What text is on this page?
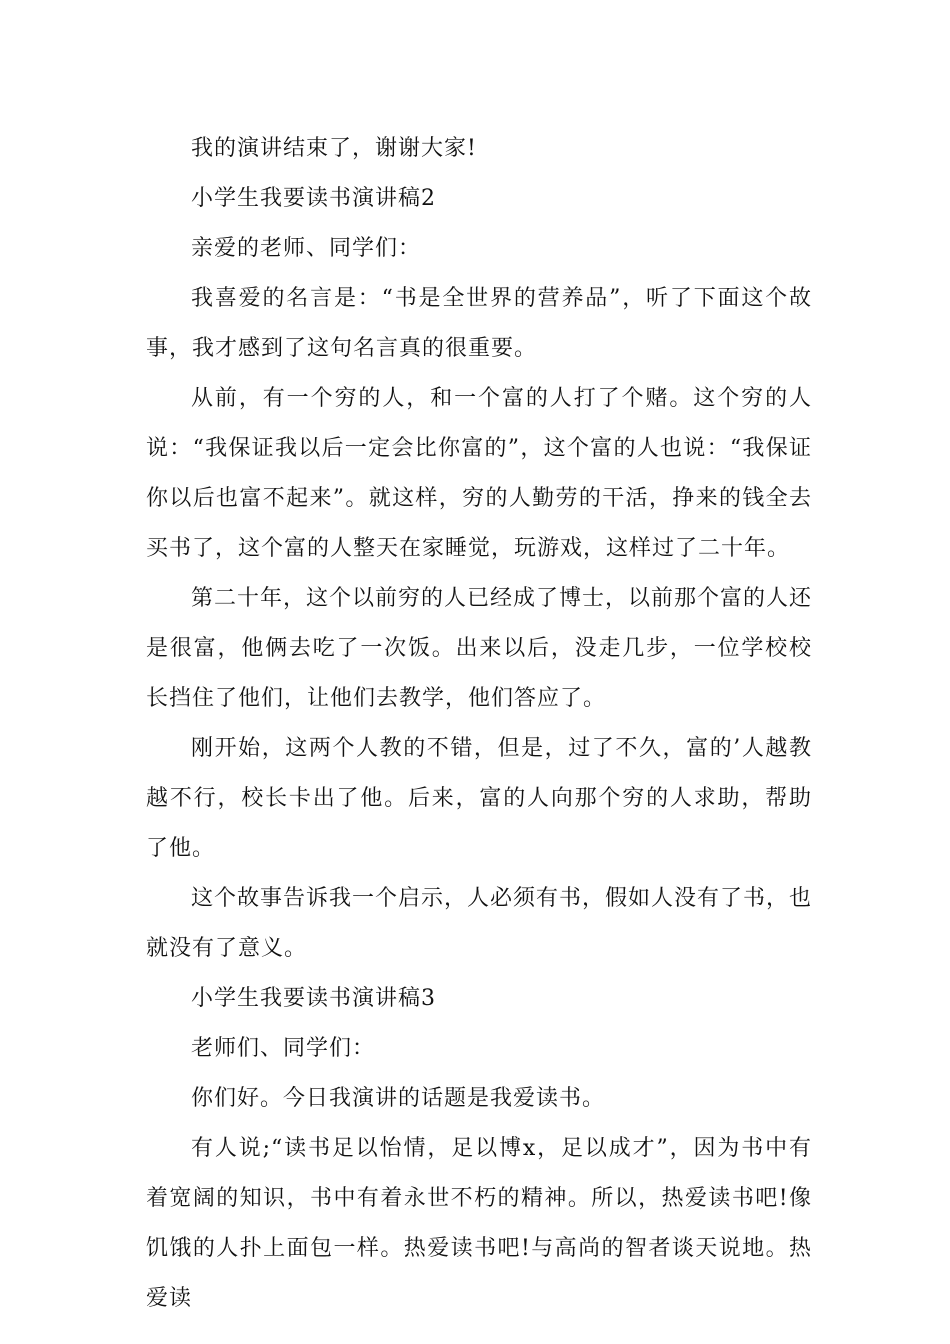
我的演讲结束了，谢谢大家!

小学生我要读书演讲稿2

亲爱的老师、同学们：

我喜爱的名言是：“书是全世界的营养品”，听了下面这个故事，我才感到了这句名言真的很重要。

从前，有一个穷的人，和一个富的人打了个赌。这个穷的人说：“我保证我以后一定会比你富的”，这个富的人也说：“我保证你以后也富不起来”。就这样，穷的人勤劳的干活，挣来的钱全去买书了，这个富的人整天在家睡觉，玩游戏，这样过了二十年。

第二十年，这个以前穷的人已经成了博士，以前那个富的人还是很富，他俩去吃了一次饭。出来以后，没走几步，一位学校校长挡住了他们，让他们去教学，他们答应了。

刚开始，这两个人教的不错，但是，过了不久，富的’人越教越不行，校长卡出了他。后来，富的人向那个穷的人求助，帮助了他。

这个故事告诉我一个启示，人必须有书，假如人没有了书，也就没有了意义。

小学生我要读书演讲稿3

老师们、同学们：

你们好。今日我演讲的话题是我爱读书。

有人说;“读书足以怡情，足以博x，足以成才”，因为书中有着宽阔的知识，书中有着永世不朽的精神。所以，热爱读书吧!像饥饿的人扑上面包一样。热爱读书吧!与高尚的智者谈天说地。热爱读
